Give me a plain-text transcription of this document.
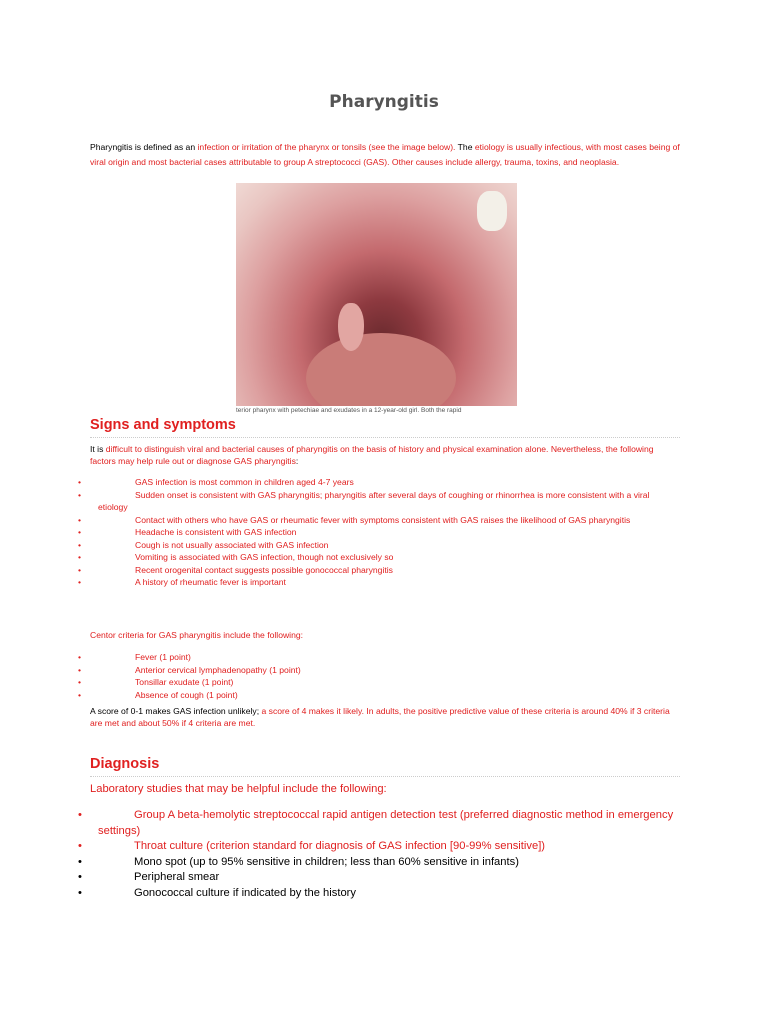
Pharyngitis
Pharyngitis is defined as an infection or irritation of the pharynx or tonsils (see the image below). The etiology is usually infectious, with most cases being of viral origin and most bacterial cases attributable to group A streptococci (GAS). Other causes include allergy, trauma, toxins, and neoplasia.
terior pharynx with petechiae and exudates in a 12-year-old girl. Both the rapid
Signs and symptoms
It is difficult to distinguish viral and bacterial causes of pharyngitis on the basis of history and physical examination alone. Nevertheless, the following factors may help rule out or diagnose GAS pharyngitis:
•	GAS infection is most common in children aged 4-7 years
•	Sudden onset is consistent with GAS pharyngitis; pharyngitis after several days of coughing or rhinorrhea is more consistent with a viral etiology
•	Contact with others who have GAS or rheumatic fever with symptoms consistent with GAS raises the likelihood of GAS pharyngitis
•	Headache is consistent with GAS infection
•	Cough is not usually associated with GAS infection
•	Vomiting is associated with GAS infection, though not exclusively so
•	Recent orogenital contact suggests possible gonococcal pharyngitis
•	A history of rheumatic fever is important
Centor criteria for GAS pharyngitis include the following:
•	Fever (1 point)
•	Anterior cervical lymphadenopathy (1 point)
•	Tonsillar exudate (1 point)
•	Absence of cough (1 point)
A score of 0-1 makes GAS infection unlikely; a score of 4 makes it likely. In adults, the positive predictive value of these criteria is around 40% if 3 criteria are met and about 50% if 4 criteria are met.
Diagnosis
Laboratory studies that may be helpful include the following:
•	Group A beta-hemolytic streptococcal rapid antigen detection test (preferred diagnostic method in emergency settings)
•	Throat culture (criterion standard for diagnosis of GAS infection [90-99% sensitive])
•	Mono spot (up to 95% sensitive in children; less than 60% sensitive in infants)
•	Peripheral smear
•	Gonococcal culture if indicated by the history
